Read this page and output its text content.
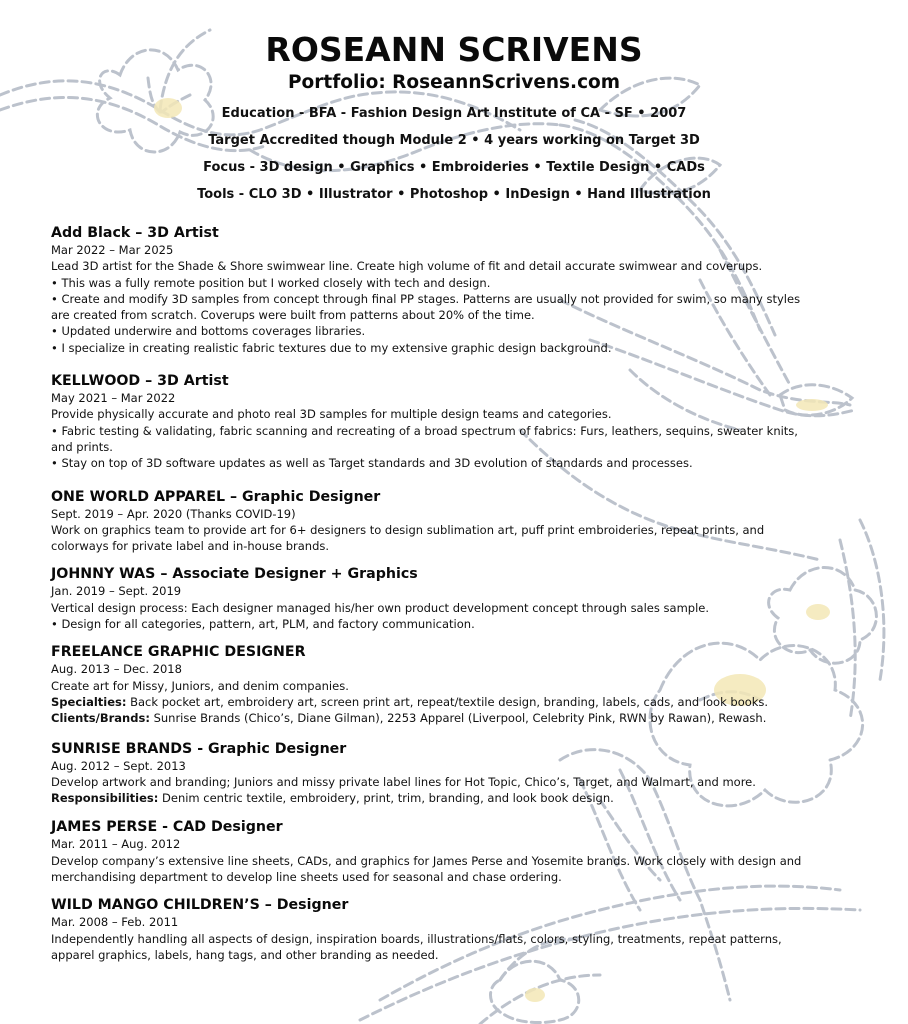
ROSEANN SCRIVENS
Portfolio: RoseannScrivens.com
Education - BFA - Fashion Design Art Institute of CA - SF • 2007
Target Accredited though Module 2 • 4 years working on Target 3D
Focus - 3D design • Graphics • Embroideries • Textile Design • CADs
Tools - CLO 3D • Illustrator • Photoshop • InDesign • Hand Illustration
Add Black – 3D Artist
Mar 2022 – Mar 2025
Lead 3D artist for the Shade & Shore swimwear line. Create high volume of fit and detail accurate swimwear and coverups.
• This was a fully remote position but I worked closely with tech and design.
• Create and modify 3D samples from concept through final PP stages. Patterns are usually not provided for swim, so many styles
are created from scratch. Coverups were built from patterns about 20% of the time.
• Updated underwire and bottoms coverages libraries.
• I specialize in creating realistic fabric textures due to my extensive graphic design background.
KELLWOOD – 3D Artist
May 2021 – Mar 2022
Provide physically accurate and photo real 3D samples for multiple design teams and categories.
• Fabric testing & validating, fabric scanning and recreating of a broad spectrum of fabrics: Furs, leathers, sequins, sweater knits,
and prints.
• Stay on top of 3D software updates as well as Target standards and 3D evolution of standards and processes.
ONE WORLD APPAREL – Graphic Designer
Sept. 2019 – Apr. 2020 (Thanks COVID-19)
Work on graphics team to provide art for 6+ designers to design sublimation art, puff print embroideries, repeat prints, and
colorways for private label and in-house brands.
JOHNNY WAS – Associate Designer + Graphics
Jan. 2019 – Sept. 2019
Vertical design process: Each designer managed his/her own product development concept through sales sample.
• Design for all categories, pattern, art, PLM, and factory communication.
FREELANCE GRAPHIC DESIGNER
Aug. 2013 – Dec. 2018
Create art for Missy, Juniors, and denim companies.
Specialties: Back pocket art, embroidery art, screen print art, repeat/textile design, branding, labels, cads, and look books.
Clients/Brands: Sunrise Brands (Chico’s, Diane Gilman), 2253 Apparel (Liverpool, Celebrity Pink, RWN by Rawan), Rewash.
SUNRISE BRANDS - Graphic Designer
Aug. 2012 – Sept. 2013
Develop artwork and branding; Juniors and missy private label lines for Hot Topic, Chico’s, Target, and Walmart, and more.
Responsibilities: Denim centric textile, embroidery, print, trim, branding, and look book design.
JAMES PERSE - CAD Designer
Mar. 2011 – Aug. 2012
Develop company’s extensive line sheets, CADs, and graphics for James Perse and Yosemite brands. Work closely with design and
merchandising department to develop line sheets used for seasonal and chase ordering.
WILD MANGO CHILDREN’S – Designer
Mar. 2008 – Feb. 2011
Independently handling all aspects of design, inspiration boards, illustrations/flats, colors, styling, treatments, repeat patterns,
apparel graphics, labels, hang tags, and other branding as needed.
